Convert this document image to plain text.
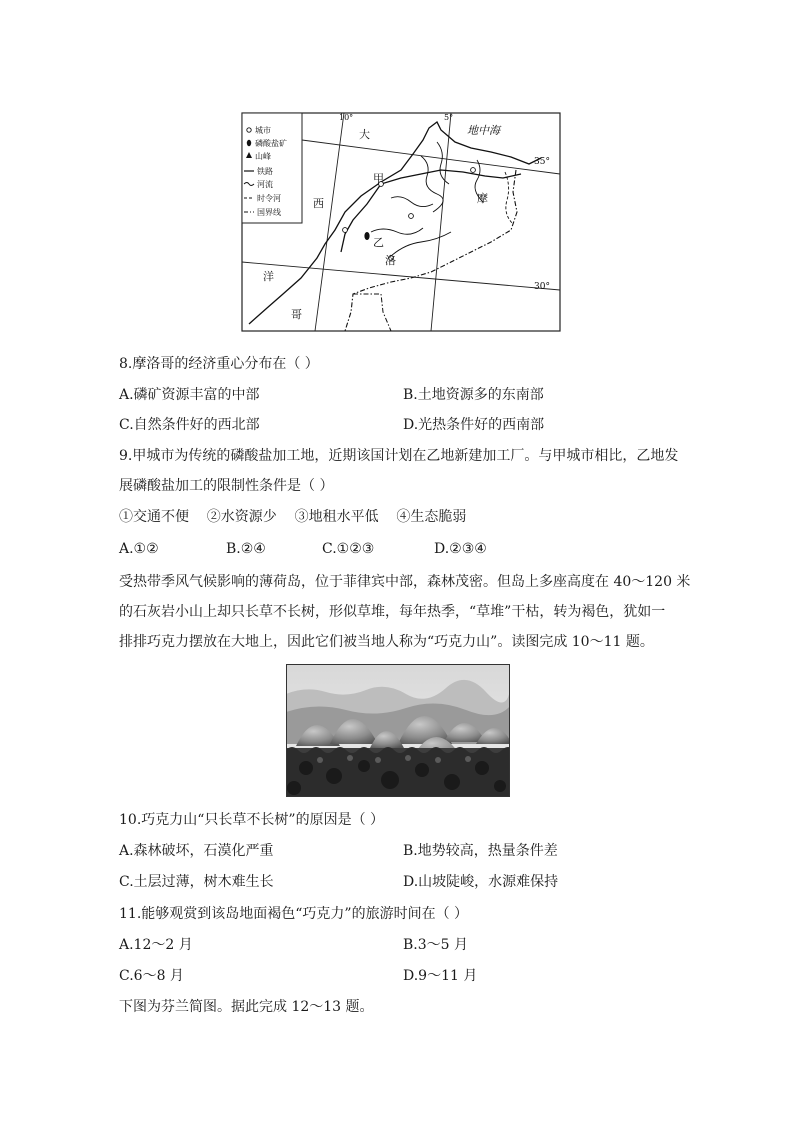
城市
磷酸盐矿
山峰
铁路
河流
时令河
国界线
10°	5°
35°
30°
大
西
洋
地中海
甲
乙
摩
洛
哥
8.摩洛哥的经济重心分布在（ ）
A.磷矿资源丰富的中部	B.土地资源多的东南部
C.自然条件好的西北部	D.光热条件好的西南部
9.甲城市为传统的磷酸盐加工地，近期该国计划在乙地新建加工厂。与甲城市相比，乙地发
展磷酸盐加工的限制性条件是（ ）
①交通不便    ②水资源少    ③地租水平低    ④生态脆弱
A.①②	B.②④	C.①②③	D.②③④
受热带季风气候影响的薄荷岛，位于菲律宾中部，森林茂密。但岛上多座高度在 40～120 米
的石灰岩小山上却只长草不长树，形似草堆，每年热季，“草堆”干枯，转为褐色，犹如一
排排巧克力摆放在大地上，因此它们被当地人称为“巧克力山”。读图完成 10～11 题。
10.巧克力山“只长草不长树”的原因是（ ）
A.森林破坏，石漠化严重	B.地势较高，热量条件差
C.土层过薄，树木难生长	D.山坡陡峻，水源难保持
11.能够观赏到该岛地面褐色“巧克力”的旅游时间在（ ）
A.12～2 月	B.3～5 月
C.6～8 月	D.9～11 月
下图为芬兰简图。据此完成 12～13 题。
